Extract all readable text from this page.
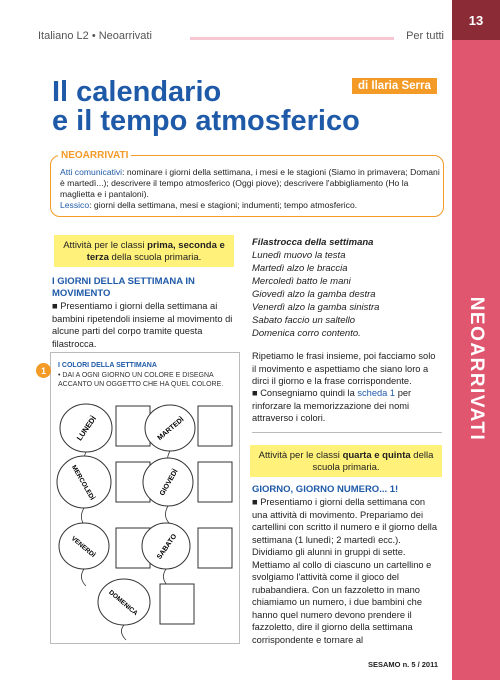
13
NEOARRIVATI
Italiano L2 • Neoarrivati	Per tutti
Il calendario
e il tempo atmosferico
di Ilaria Serra
NEOARRIVATI
Atti comunicativi: nominare i giorni della settimana, i mesi e le stagioni (Siamo in primavera; Domani è martedì...); descrivere il tempo atmosferico (Oggi piove); descrivere l'abbigliamento (Ho la maglietta e i pantaloni).
Lessico: giorni della settimana, mesi e stagioni; indumenti; tempo atmosferico.
Attività per le classi prima, seconda e terza della scuola primaria.
I GIORNI DELLA SETTIMANA IN MOVIMENTO
■ Presentiamo i giorni della settimana ai bambini ripetendoli insieme al movimento di alcune parti del corpo tramite questa filastrocca.
Filastrocca della settimana
Lunedì muovo la testa
Martedì alzo le braccia
Mercoledì batto le mani
Giovedì alzo la gamba destra
Venerdì alzo la gamba sinistra
Sabato faccio un saltello
Domenica corro contento.
Ripetiamo le frasi insieme, poi facciamo solo il movimento e aspettiamo che siano loro a dirci il giorno e la frase corrispondente.
■ Consegniamo quindi la scheda 1 per rinforzare la memorizzazione dei nomi attraverso i colori.
1	I COLORI DELLA SETTIMANA
• DAI A OGNI GIORNO UN COLORE E DISEGNA ACCANTO UN OGGETTO CHE HA QUEL COLORE.
LUNEDÌ	MARTEDÌ
MERCOLEDÌ	GIOVEDÌ
VENERDÌ	SABATO
DOMENICA
Attività per le classi quarta e quinta della scuola primaria.
GIORNO, GIORNO NUMERO... 1!
■ Presentiamo i giorni della settimana con una attività di movimento. Prepariamo dei cartellini con scritto il numero e il giorno della settimana (1 lunedì; 2 martedì ecc.). Dividiamo gli alunni in gruppi di sette. Mettiamo al collo di ciascuno un cartellino e svolgiamo l'attività come il gioco del rubabandiera. Con un fazzoletto in mano chiamiamo un numero, i due bambini che hanno quel numero devono prendere il fazzoletto, dire il giorno della settimana corrispondente e tornare al
SESAMO n. 5 / 2011
